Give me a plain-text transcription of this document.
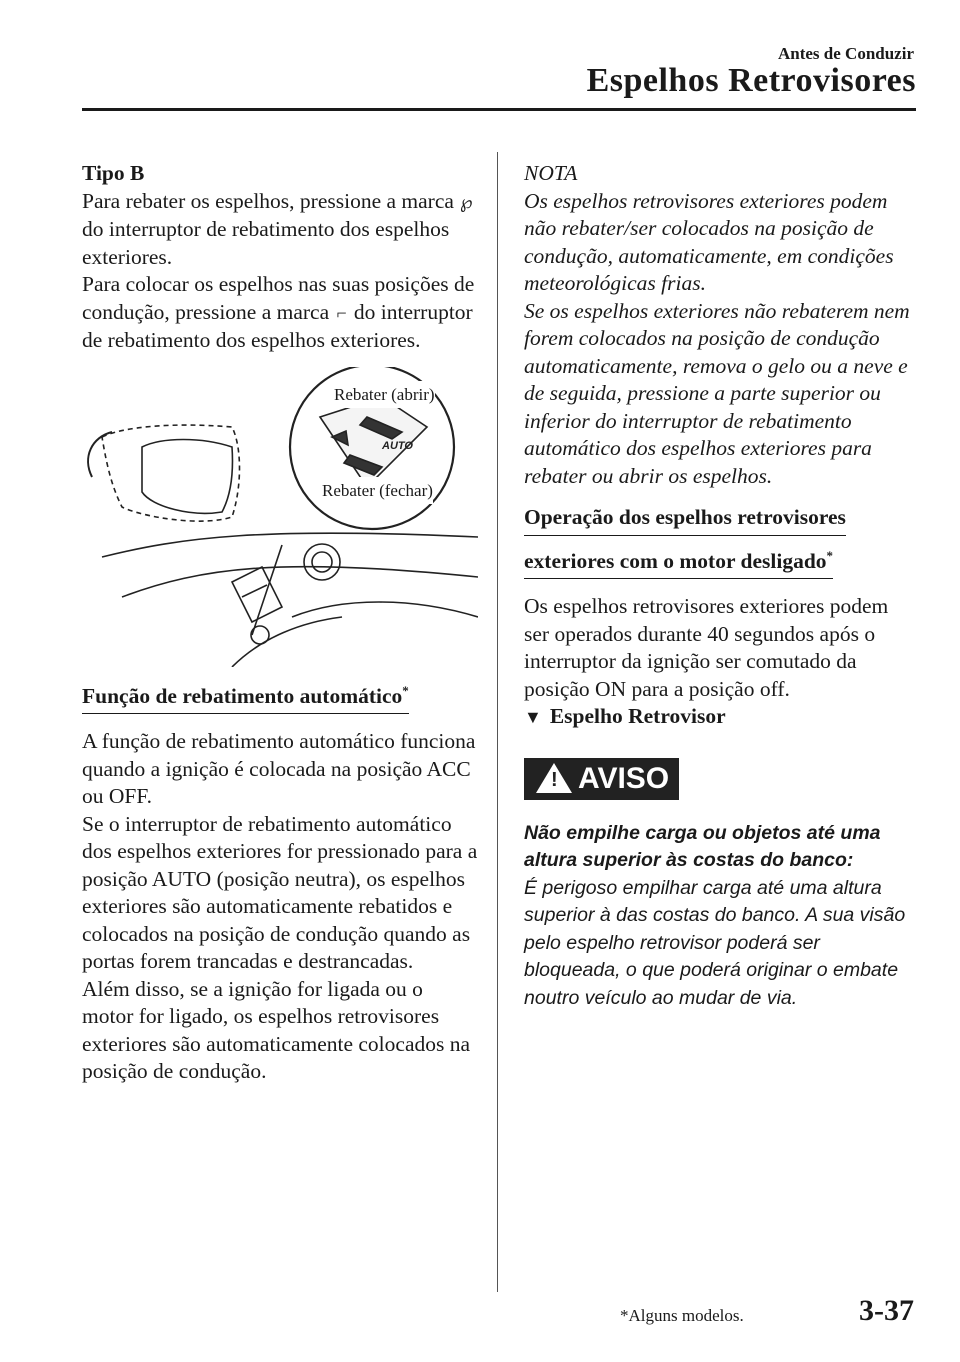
Antes de Conduzir
Espelhos Retrovisores

Tipo B

Para rebater os espelhos, pressione a marca ℘ do interruptor de rebatimento dos espelhos exteriores.

Para colocar os espelhos nas suas posições de condução, pressione a marca ⌐ do interruptor de rebatimento dos espelhos exteriores.

AUTO
Rebater (abrir)
Rebater (fechar)
Função de rebatimento automático*

A função de rebatimento automático funciona quando a ignição é colocada na posição ACC ou OFF.
Se o interruptor de rebatimento automático dos espelhos exteriores for pressionado para a posição AUTO (posição neutra), os espelhos exteriores são automaticamente rebatidos e colocados na posição de condução quando as portas forem trancadas e destrancadas.
Além disso, se a ignição for ligada ou o motor for ligado, os espelhos retrovisores exteriores são automaticamente colocados na posição de condução.

NOTA

Os espelhos retrovisores exteriores podem não rebater/ser colocados na posição de condução, automaticamente, em condições meteorológicas frias.
Se os espelhos exteriores não rebaterem nem forem colocados na posição de condução automaticamente, remova o gelo ou a neve e de seguida, pressione a parte superior ou inferior do interruptor de rebatimento automático dos espelhos exteriores para rebater ou abrir os espelhos.

Operação dos espelhos retrovisores
exteriores com o motor desligado*

Os espelhos retrovisores exteriores podem ser operados durante 40 segundos após o interruptor da ignição ser comutado da posição ON para a posição off.

▼ Espelho Retrovisor

! AVISO

Não empilhe carga ou objetos até uma altura superior às costas do banco:

É perigoso empilhar carga até uma altura superior à das costas do banco. A sua visão pelo espelho retrovisor poderá ser bloqueada, o que poderá originar o embate noutro veículo ao mudar de via.

*Alguns modelos.	3-37
